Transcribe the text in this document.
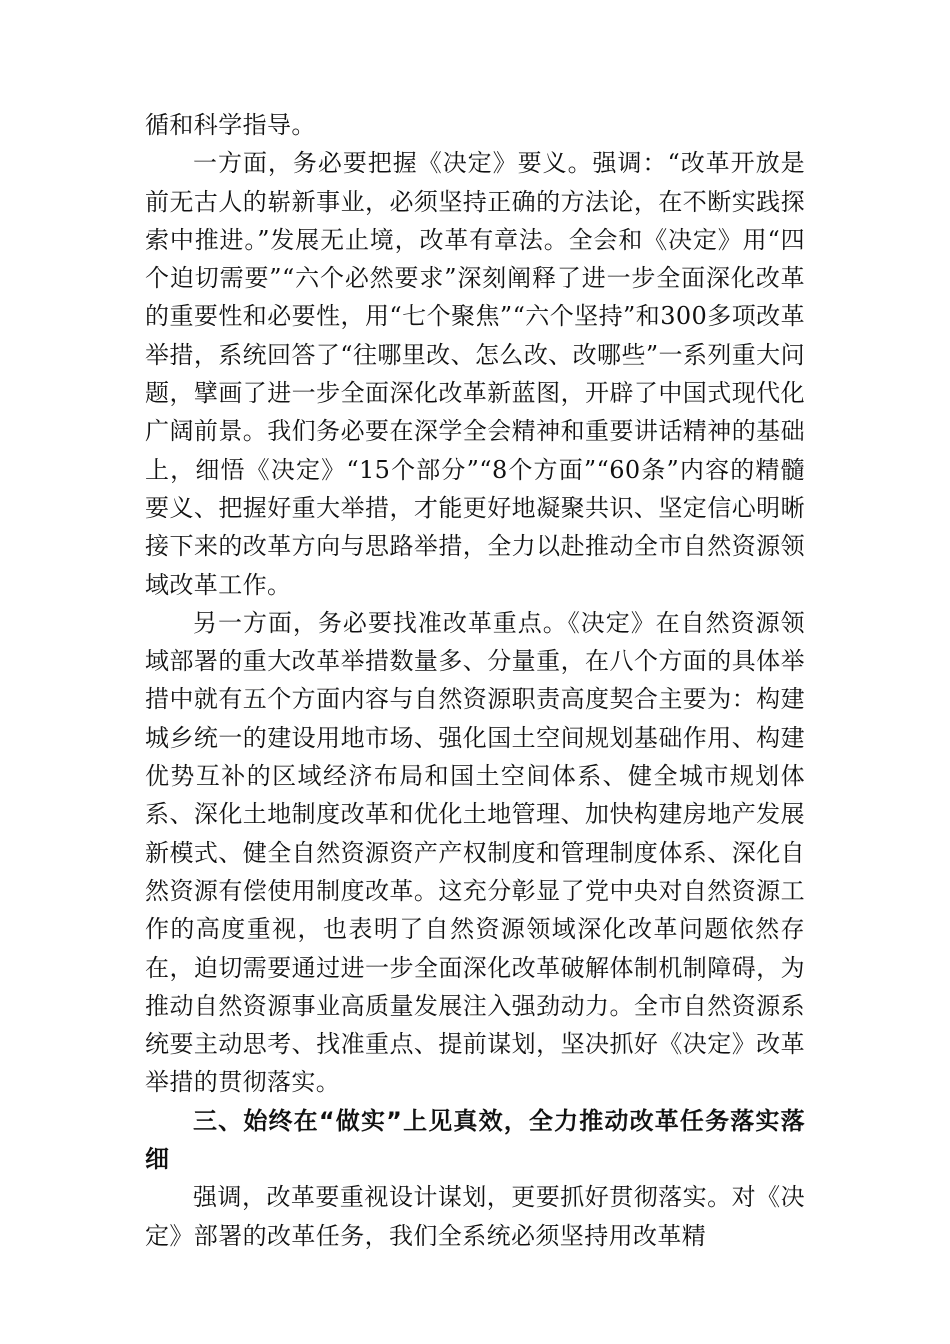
循和科学指导。

一方面，务必要把握《决定》要义。强调：“改革开放是前无古人的崭新事业，必须坚持正确的方法论，在不断实践探索中推进。”发展无止境，改革有章法。全会和《决定》用“四个迫切需要”“六个必然要求”深刻阐释了进一步全面深化改革的重要性和必要性，用“七个聚焦”“六个坚持”和300多项改革举措，系统回答了“往哪里改、怎么改、改哪些”一系列重大问题，擘画了进一步全面深化改革新蓝图，开辟了中国式现代化广阔前景。我们务必要在深学全会精神和重要讲话精神的基础上，细悟《决定》“15个部分”“8个方面”“60条”内容的精髓要义、把握好重大举措，才能更好地凝聚共识、坚定信心明晰接下来的改革方向与思路举措，全力以赴推动全市自然资源领域改革工作。

另一方面，务必要找准改革重点。《决定》在自然资源领域部署的重大改革举措数量多、分量重，在八个方面的具体举措中就有五个方面内容与自然资源职责高度契合主要为：构建城乡统一的建设用地市场、强化国土空间规划基础作用、构建优势互补的区域经济布局和国土空间体系、健全城市规划体系、深化土地制度改革和优化土地管理、加快构建房地产发展新模式、健全自然资源资产产权制度和管理制度体系、深化自然资源有偿使用制度改革。这充分彰显了党中央对自然资源工作的高度重视，也表明了自然资源领域深化改革问题依然存在，迫切需要通过进一步全面深化改革破解体制机制障碍，为推动自然资源事业高质量发展注入强劲动力。全市自然资源系统要主动思考、找准重点、提前谋划，坚决抓好《决定》改革举措的贯彻落实。

三、始终在“做实”上见真效，全力推动改革任务落实落细

强调，改革要重视设计谋划，更要抓好贯彻落实。对《决定》部署的改革任务，我们全系统必须坚持用改革精
